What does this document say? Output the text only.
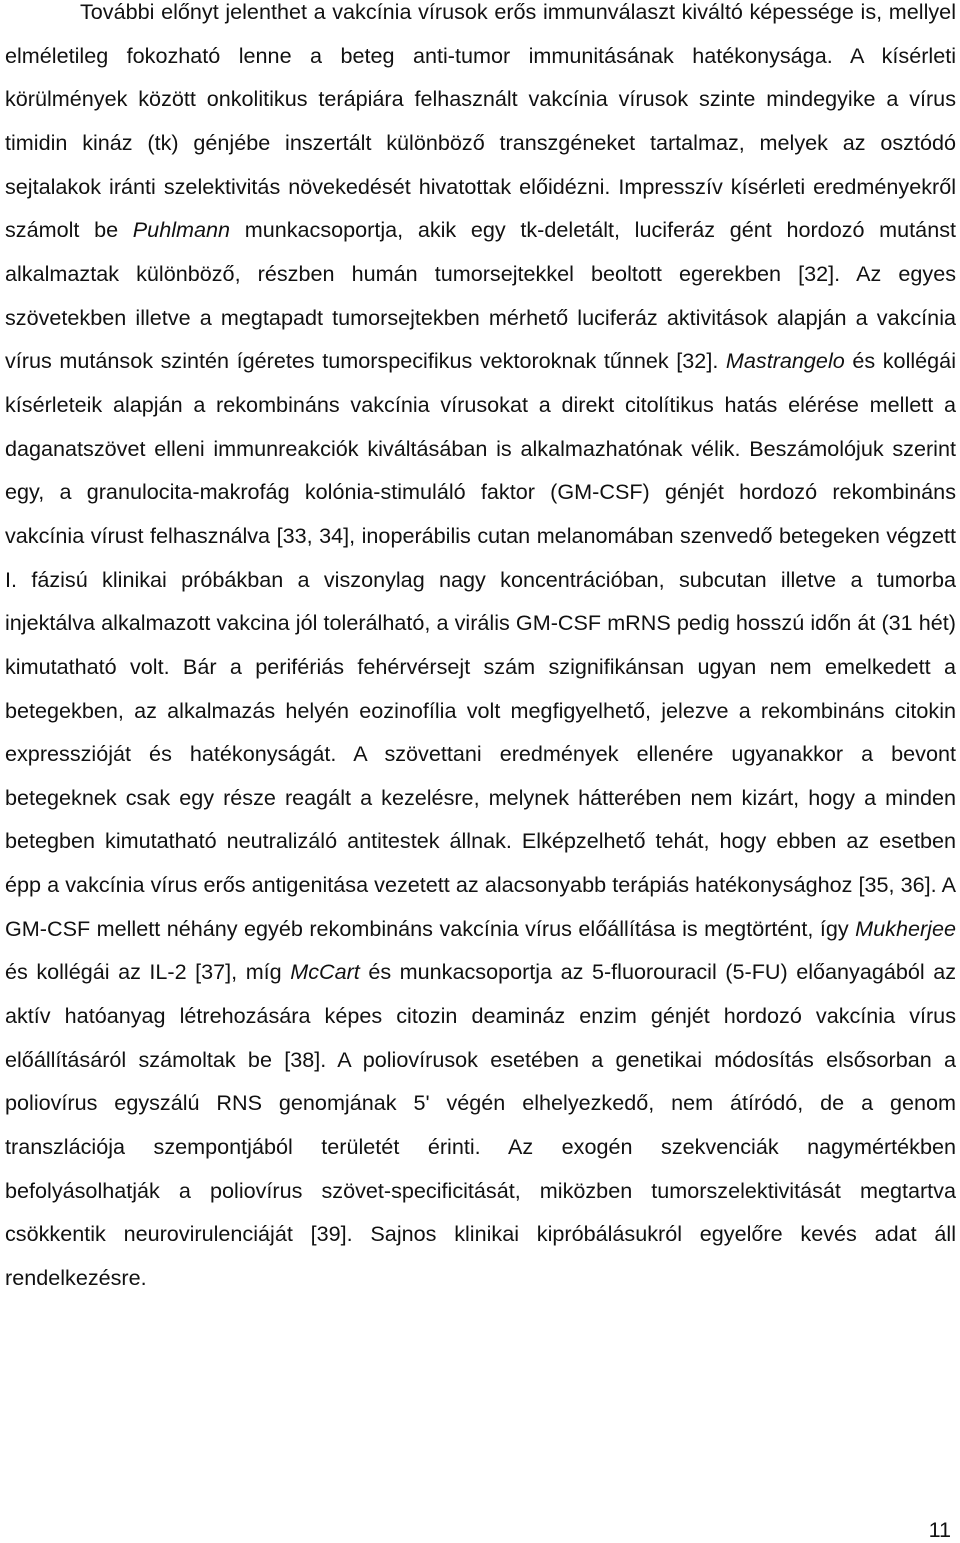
További előnyt jelenthet a vakcínia vírusok erős immunválaszt kiváltó képessége is, mellyel elméletileg fokozható lenne a beteg anti-tumor immunitásának hatékonysága. A kísérleti körülmények között onkolitikus terápiára felhasznált vakcínia vírusok szinte mindegyike a vírus timidin kináz (tk) génjébe inszertált különböző transzgéneket tartalmaz, melyek az osztódó sejtalakok iránti szelektivitás növekedését hivatottak előidézni. Impresszív kísérleti eredményekről számolt be Puhlmann munkacsoportja, akik egy tk-deletált, luciferáz gént hordozó mutánst alkalmaztak különböző, részben humán tumorsejtekkel beoltott egerekben [32]. Az egyes szövetekben illetve a megtapadt tumorsejtekben mérhető luciferáz aktivitások alapján a vakcínia vírus mutánsok szintén ígéretes tumorspecifikus vektoroknak tűnnek [32]. Mastrangelo és kollégái kísérleteik alapján a rekombináns vakcínia vírusokat a direkt citolítikus hatás elérése mellett a daganatszövet elleni immunreakciók kiváltásában is alkalmazhatónak vélik. Beszámolójuk szerint egy, a granulocita-makrofág kolónia-stimuláló faktor (GM-CSF) génjét hordozó rekombináns vakcínia vírust felhasználva [33, 34], inoperábilis cutan melanomában szenvedő betegeken végzett I. fázisú klinikai próbákban a viszonylag nagy koncentrációban, subcutan illetve a tumorba injektálva alkalmazott vakcina jól tolerálható, a virális GM-CSF mRNS pedig hosszú időn át (31 hét) kimutatható volt. Bár a perifériás fehérvérsejt szám szignifikánsan ugyan nem emelkedett a betegekben, az alkalmazás helyén eozinofília volt megfigyelhető, jelezve a rekombináns citokin expresszióját és hatékonyságát. A szövettani eredmények ellenére ugyanakkor a bevont betegeknek csak egy része reagált a kezelésre, melynek hátterében nem kizárt, hogy a minden betegben kimutatható neutralizáló antitestek állnak. Elképzelhető tehát, hogy ebben az esetben épp a vakcínia vírus erős antigenitása vezetett az alacsonyabb terápiás hatékonysághoz [35, 36]. A GM-CSF mellett néhány egyéb rekombináns vakcínia vírus előállítása is megtörtént, így Mukherjee és kollégái az IL-2 [37], míg McCart és munkacsoportja az 5-fluorouracil (5-FU) előanyagából az aktív hatóanyag létrehozására képes citozin deamináz enzim génjét hordozó vakcínia vírus előállításáról számoltak be [38]. A poliovírusok esetében a genetikai módosítás elsősorban a poliovírus egyszálú RNS genomjának 5' végén elhelyezkedő, nem átíródó, de a genom transzlációja szempontjából területét érinti. Az exogén szekvenciák nagymértékben befolyásolhatják a poliovírus szövet-specificitását, miközben tumorszelektivitását megtartva csökkentik neurovirulenciáját [39]. Sajnos klinikai kipróbálásukról egyelőre kevés adat áll rendelkezésre.

11
